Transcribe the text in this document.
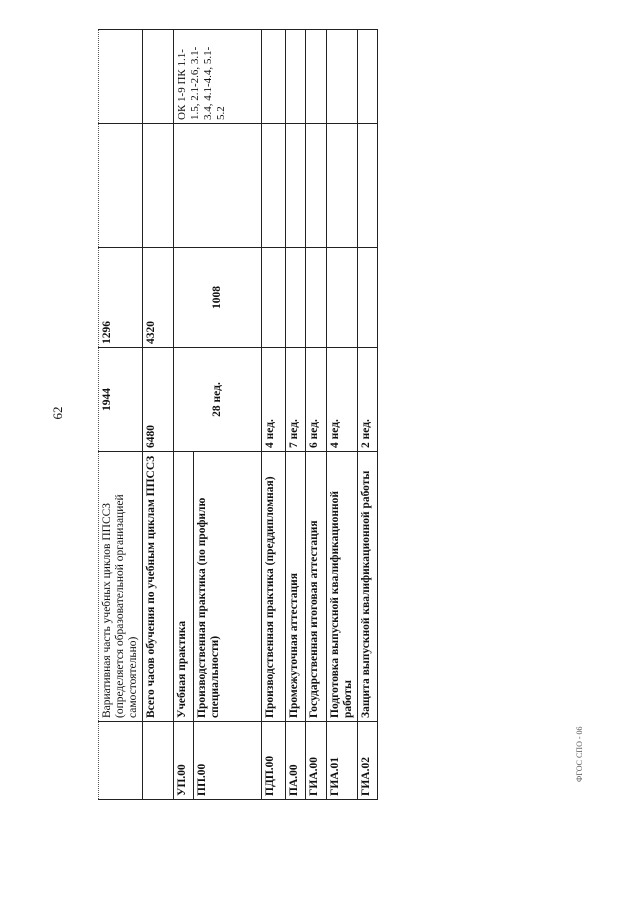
62
	Вариативная часть учебных циклов ППССЗ (определяется образовательной организацией самостоятельно)	1944	1296		
	Всего часов обучения по учебным циклам ППССЗ	6480	4320		
УП.00	Учебная практика	28 нед.	1008		ОК 1-9 ПК 1.1-1.5, 2.1-2.6, 3.1-3.4, 4.1-4.4, 5.1-5.2
ПП.00	Производственная практика (по профилю специальности)				
ПДП.00	Производственная практика (преддипломная)	4 нед.			
ПА.00	Промежуточная аттестация	7 нед.			
ГИА.00	Государственная итоговая аттестация	6 нед.			
ГИА.01	Подготовка выпускной квалификационной работы	4 нед.			
ГИА.02	Защита выпускной квалификационной работы	2 нед.			
ФГОС СПО - 06
